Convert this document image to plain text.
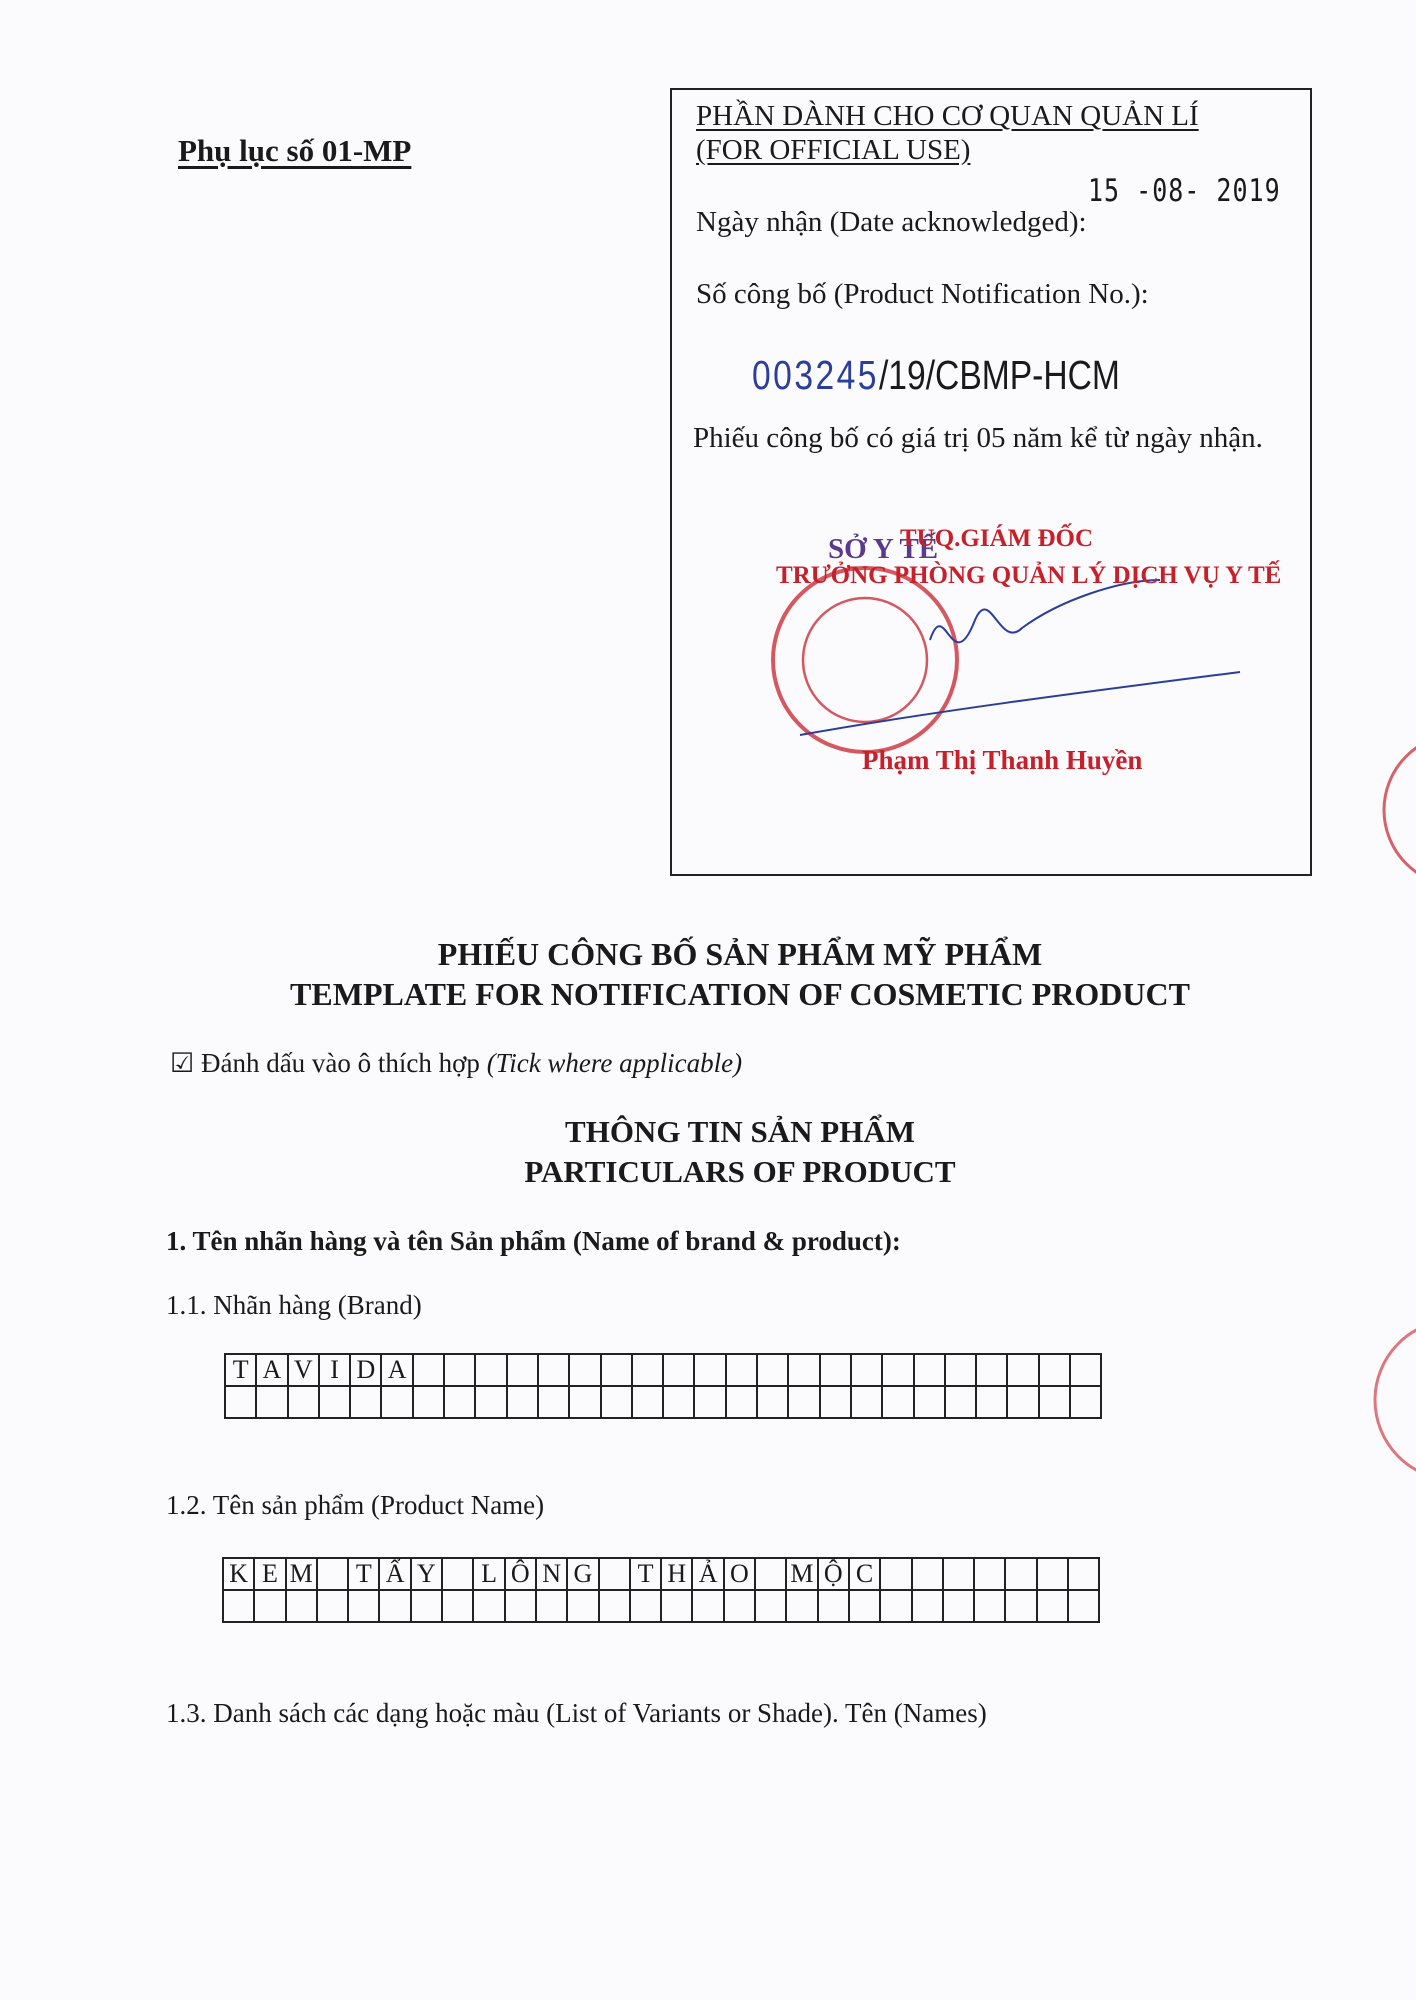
Phụ lục số 01-MP
PHẦN DÀNH CHO CƠ QUAN QUẢN LÍ
(FOR OFFICIAL USE)
15 -08- 2019
Ngày nhận (Date acknowledged):
Số công bố (Product Notification No.):
003245/19/CBMP-HCM
Phiếu công bố có giá trị 05 năm kể từ ngày nhận.
SỞ Y TẾ
TUQ.GIÁM ĐỐC
TRƯỞNG PHÒNG QUẢN LÝ DỊCH VỤ Y TẾ
Phạm Thị Thanh Huyền
PHIẾU CÔNG BỐ SẢN PHẨM MỸ PHẨM
TEMPLATE FOR NOTIFICATION OF COSMETIC PRODUCT
☑ Đánh dấu vào ô thích hợp (Tick where applicable)
THÔNG TIN SẢN PHẨM
PARTICULARS OF PRODUCT
1. Tên nhãn hàng và tên Sản phẩm (Name of brand & product):
1.1. Nhãn hàng (Brand)
T	A	V	I	D	A																						

1.2. Tên sản phẩm (Product Name)
K	E	M		T	Ẩ	Y		L	Ô	N	G		T	H	Ả	O		M	Ộ	C							

1.3. Danh sách các dạng hoặc màu (List of Variants or Shade). Tên (Names)
